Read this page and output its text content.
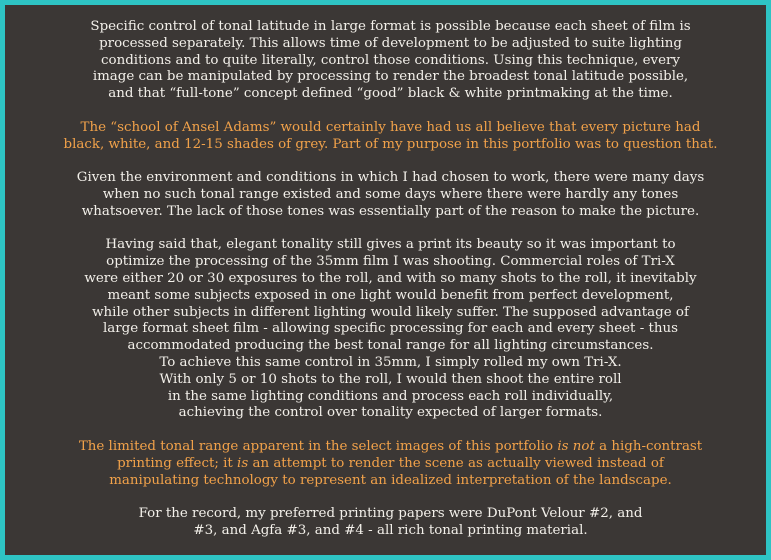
Specific control of tonal latitude in large format is possible because each sheet of film is
processed separately. This allows time of development to be adjusted to suite lighting
conditions and to quite literally, control those conditions. Using this technique, every
image can be manipulated by processing to render the broadest tonal latitude possible,
and that “full-tone” concept defined “good” black & white printmaking at the time.

The “school of Ansel Adams” would certainly have had us all believe that every picture had
black, white, and 12-15 shades of grey. Part of my purpose in this portfolio was to question that.

Given the environment and conditions in which I had chosen to work, there were many days
when no such tonal range existed and some days where there were hardly any tones
whatsoever. The lack of those tones was essentially part of the reason to make the picture.

Having said that, elegant tonality still gives a print its beauty so it was important to
optimize the processing of the 35mm film I was shooting. Commercial roles of Tri-X
were either 20 or 30 exposures to the roll, and with so many shots to the roll, it inevitably
meant some subjects exposed in one light would benefit from perfect development,
while other subjects in different lighting would likely suffer. The supposed advantage of
large format sheet film - allowing specific processing for each and every sheet - thus
accommodated producing the best tonal range for all lighting circumstances.
To achieve this same control in 35mm, I simply rolled my own Tri-X.
With only 5 or 10 shots to the roll, I would then shoot the entire roll
in the same lighting conditions and process each roll individually,
achieving the control over tonality expected of larger formats.

The limited tonal range apparent in the select images of this portfolio is not a high-contrast
printing effect; it is an attempt to render the scene as actually viewed instead of
manipulating technology to represent an idealized interpretation of the landscape.

For the record, my preferred printing papers were DuPont Velour #2, and
#3, and Agfa #3, and #4 - all rich tonal printing material.
